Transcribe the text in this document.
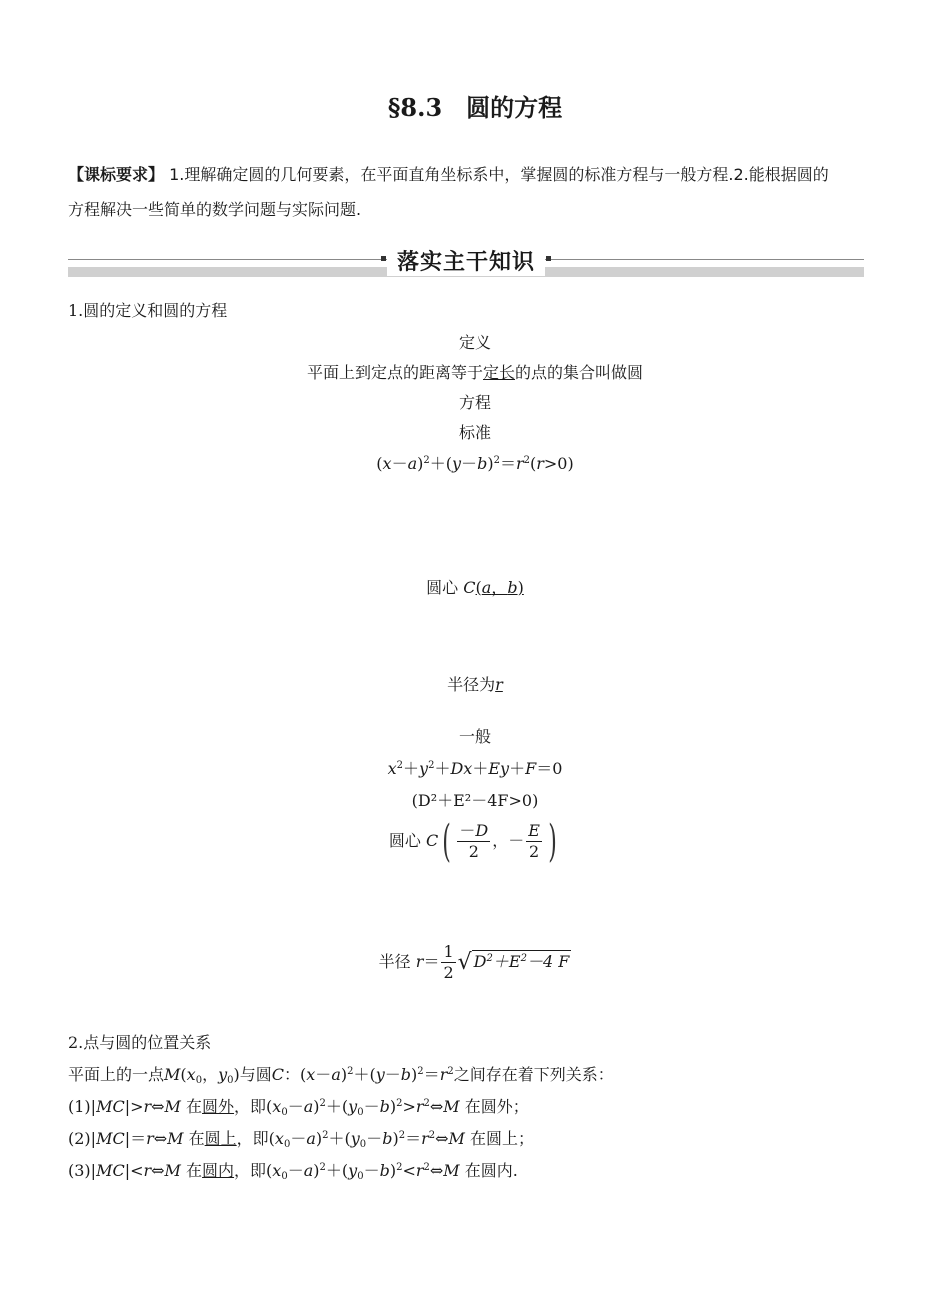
§8.3　圆的方程
【课标要求】 1.理解确定圆的几何要素，在平面直角坐标系中，掌握圆的标准方程与一般方程.2.能根据圆的
方程解决一些简单的数学问题与实际问题.
落实主干知识
1.圆的定义和圆的方程
定义
平面上到定点的距离等于定长的点的集合叫做圆
方程
标准
$(x-a)^2+(y-b)^2=r^2(r>0)$
圆心 C(a，b)
半径为r
一般
$x^2+y^2+Dx+Ey+F=0$
(D²＋E²－4F>0)
圆心 $C( \frac{-D}{2}$ ，－ $\frac{E}{2}$ )
半径 $r= \frac{1}{2}$ √ $D^2+E^2-4$ F
2.点与圆的位置关系
平面上的一点$M(x_0$，$y_0$)与圆C：$(x-a)^2+(y-b)^2=r^2$之间存在着下列关系：
(1)|MC|>r⇔M 在圆外，即$(x_0-a)^2+(y_0-b)^2>r^2\Leftrightarrow M$ 在圆外；
(2)|MC|＝r⇔M 在圆上，即$(x_0-a)^2+(y_0-b)^2=r^2\Leftrightarrow M$ 在圆上；
(3)|MC|<r⇔M 在圆内，即$(x_0-a)^2+(y_0-b)^2<r^2\Leftrightarrow M$ 在圆内.
